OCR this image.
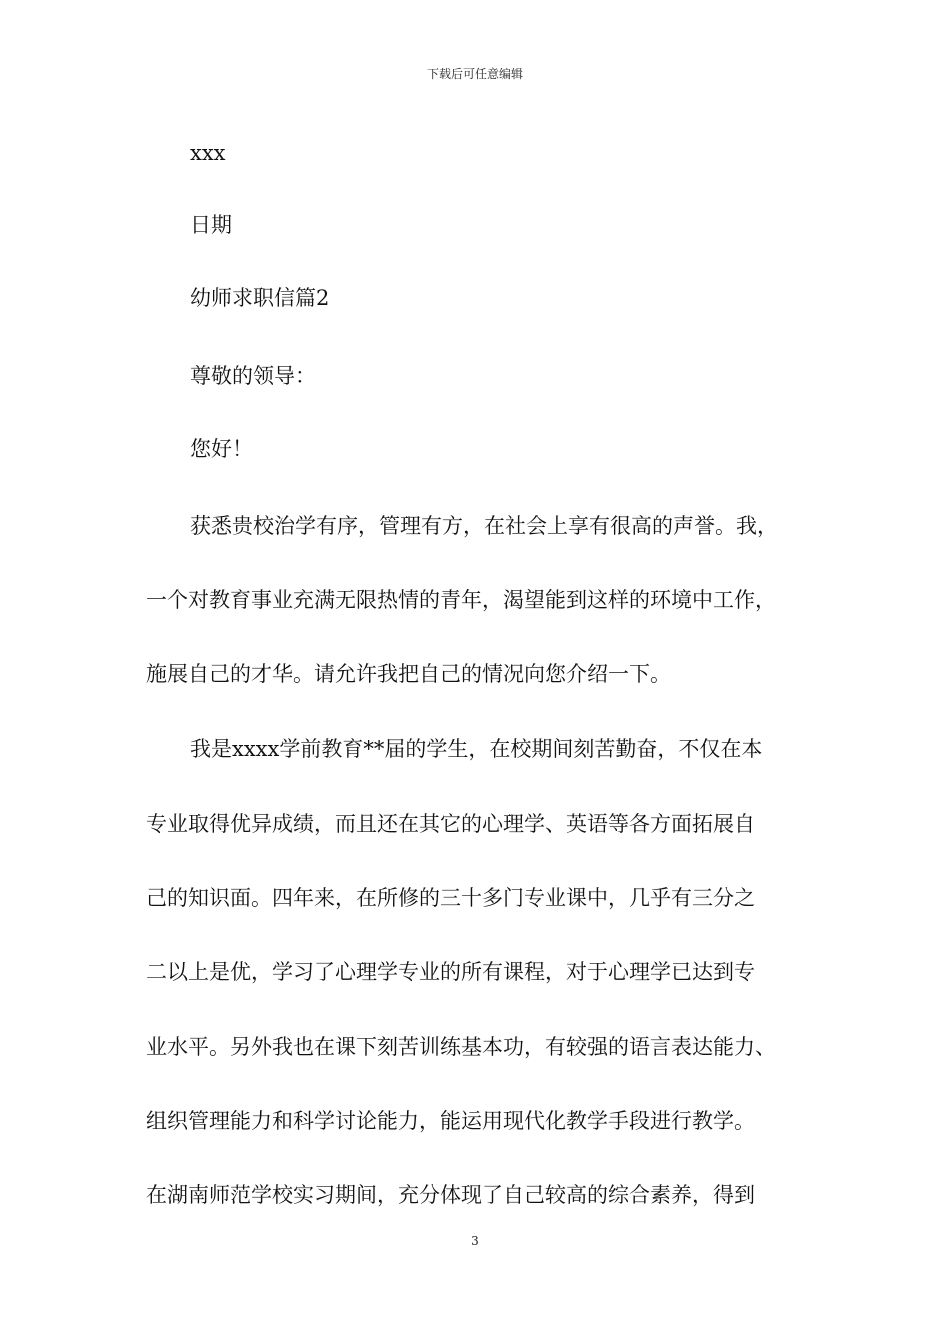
下载后可任意编辑
xxx
日期
幼师求职信篇2
尊敬的领导：
您好！
获悉贵校治学有序，管理有方，在社会上享有很高的声誉。我，
一个对教育事业充满无限热情的青年，渴望能到这样的环境中工作，
施展自己的才华。请允许我把自己的情况向您介绍一下。
我是xxxx学前教育**届的学生，在校期间刻苦勤奋，不仅在本
专业取得优异成绩，而且还在其它的心理学、英语等各方面拓展自
己的知识面。四年来，在所修的三十多门专业课中，几乎有三分之
二以上是优，学习了心理学专业的所有课程，对于心理学已达到专
业水平。另外我也在课下刻苦训练基本功，有较强的语言表达能力、
组织管理能力和科学讨论能力，能运用现代化教学手段进行教学。
在湖南师范学校实习期间，充分体现了自己较高的综合素养，得到
3
